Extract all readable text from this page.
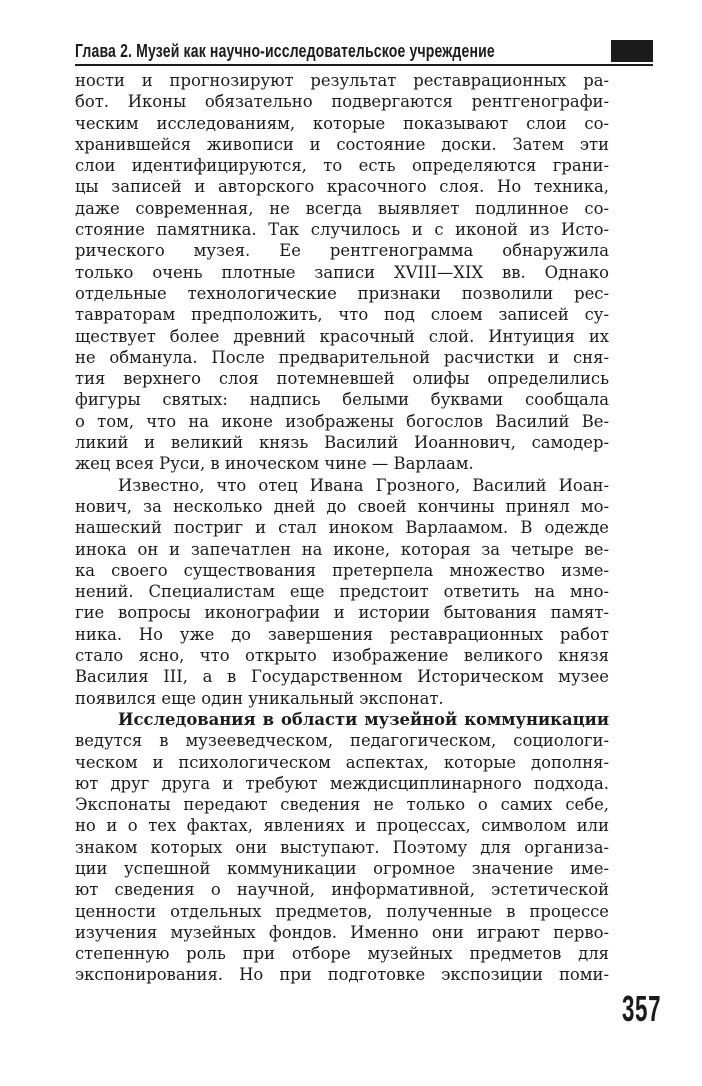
Глава 2. Музей как научно-исследовательское учреждение
ности и прогнозируют результат реставрационных ра-
бот. Иконы обязательно подвергаются рентгенографи-
ческим исследованиям, которые показывают слои со-
хранившейся живописи и состояние доски. Затем эти
слои идентифицируются, то есть определяются грани-
цы записей и авторского красочного слоя. Но техника,
даже современная, не всегда выявляет подлинное со-
стояние памятника. Так случилось и с иконой из Исто-
рического музея. Ее рентгенограмма обнаружила
только очень плотные записи XVIII—XIX вв. Однако
отдельные технологические признаки позволили рес-
тавраторам предположить, что под слоем записей су-
ществует более древний красочный слой. Интуиция их
не обманула. После предварительной расчистки и сня-
тия верхнего слоя потемневшей олифы определились
фигуры святых: надпись белыми буквами сообщала
о том, что на иконе изображены богослов Василий Ве-
ликий и великий князь Василий Иоаннович, самодер-
жец всея Руси, в иноческом чине — Варлаам.
Известно, что отец Ивана Грозного, Василий Иоан-
нович, за несколько дней до своей кончины принял мо-
нашеский постриг и стал иноком Варлаамом. В одежде
инока он и запечатлен на иконе, которая за четыре ве-
ка своего существования претерпела множество изме-
нений. Специалистам еще предстоит ответить на мно-
гие вопросы иконографии и истории бытования памят-
ника. Но уже до завершения реставрационных работ
стало ясно, что открыто изображение великого князя
Василия III, а в Государственном Историческом музее
появился еще один уникальный экспонат.
Исследования в области музейной коммуникации
ведутся в музееведческом, педагогическом, социологи-
ческом и психологическом аспектах, которые дополня-
ют друг друга и требуют междисциплинарного подхода.
Экспонаты передают сведения не только о самих себе,
но и о тех фактах, явлениях и процессах, символом или
знаком которых они выступают. Поэтому для организа-
ции успешной коммуникации огромное значение име-
ют сведения о научной, информативной, эстетической
ценности отдельных предметов, полученные в процессе
изучения музейных фондов. Именно они играют перво-
степенную роль при отборе музейных предметов для
экспонирования. Но при подготовке экспозиции поми-
357
